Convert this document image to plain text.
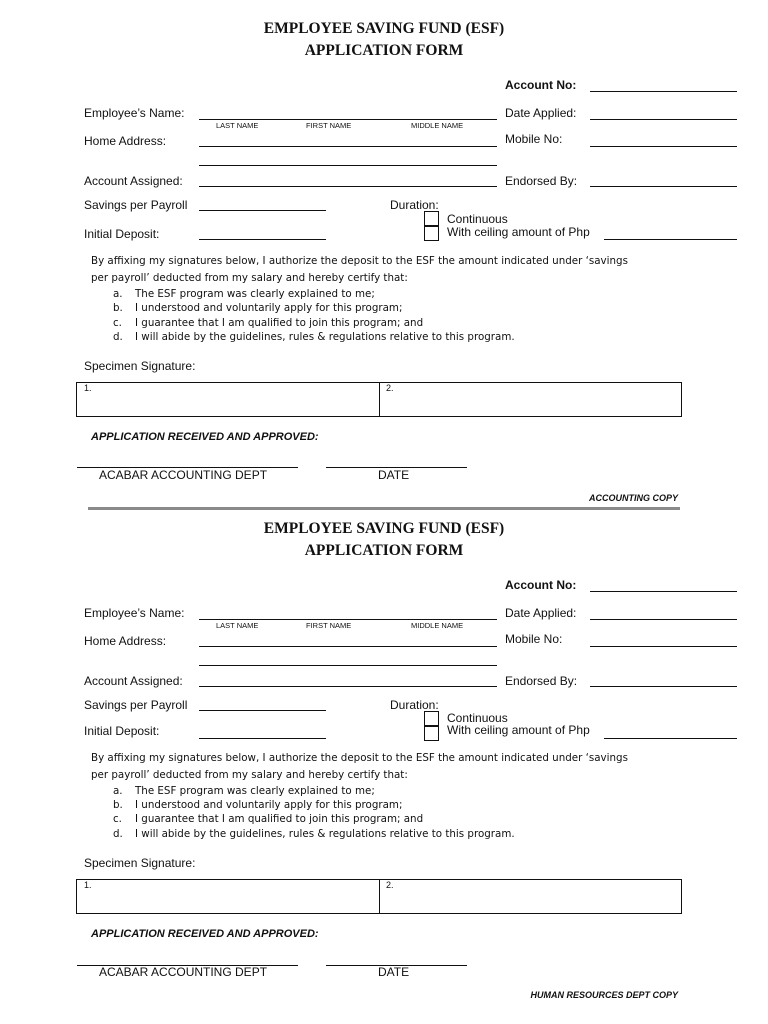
EMPLOYEE SAVING FUND (ESF)
APPLICATION FORM
Account No:
Employee’s Name:
LAST NAME	FIRST NAME	MIDDLE NAME
Date Applied:
Home Address:	Mobile No:
Account Assigned:	Endorsed By:
Savings per Payroll	Duration:
Continuous
With ceiling amount of Php
Initial Deposit:
By affixing my signatures below, I authorize the deposit to the ESF the amount indicated under ‘savings
per payroll’ deducted from my salary and hereby certify that:
a. The ESF program was clearly explained to me;
b. I understood and voluntarily apply for this program;
c. I guarantee that I am qualified to join this program; and
d. I will abide by the guidelines, rules & regulations relative to this program.
Specimen Signature:
1.	2.
APPLICATION RECEIVED AND APPROVED:
ACABAR ACCOUNTING DEPT	DATE
ACCOUNTING COPY
EMPLOYEE SAVING FUND (ESF)
APPLICATION FORM
Account No:
Employee’s Name:
LAST NAME	FIRST NAME	MIDDLE NAME
Date Applied:
Home Address:	Mobile No:
Account Assigned:	Endorsed By:
Savings per Payroll	Duration:
Continuous
With ceiling amount of Php
Initial Deposit:
By affixing my signatures below, I authorize the deposit to the ESF the amount indicated under ‘savings
per payroll’ deducted from my salary and hereby certify that:
a. The ESF program was clearly explained to me;
b. I understood and voluntarily apply for this program;
c. I guarantee that I am qualified to join this program; and
d. I will abide by the guidelines, rules & regulations relative to this program.
Specimen Signature:
1.	2.
APPLICATION RECEIVED AND APPROVED:
ACABAR ACCOUNTING DEPT	DATE
HUMAN RESOURCES DEPT COPY
